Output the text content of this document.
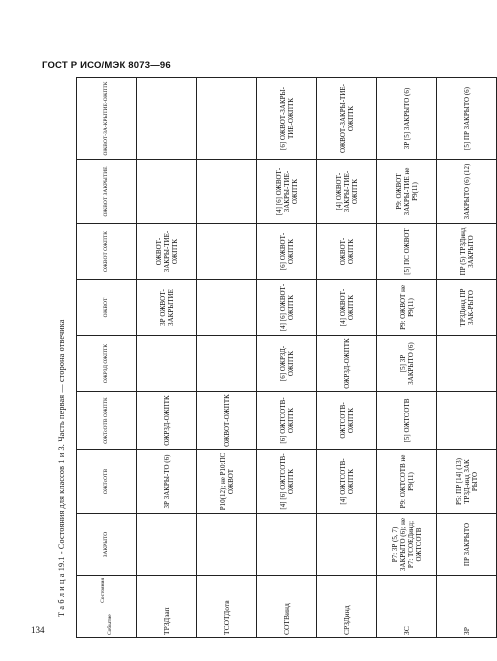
ГОСТ Р ИСО/МЭК 8073—96
Т а б л и ц а 19.1 - Состояния для классов 1 и 3. Часть первая — сторона отвечика	Состояния
Событие	ЗАКРЫТО	ОЖТсОТВ	ОЖТсОТВ ОЖПТК	ОЖРЗД ОЖПТК	ОЖВОТ	ОЖВОТ ОЖПТК	ОЖВОТ ЗАКРЫТИЕ	ОЖВОТ-ЗА-КРЫТИЕ-ОЖПТК
ТРЗДзап		3Р ЗАКРЫ-ТО (6)	ОЖРЗД-ОЖПТК		3Р ОЖВОТ-ЗАКРЫТИЕ	ОЖВОТ-ЗАКРЫ-ТИЕ-ОЖПТК		
ТСОТДотв		Р10(12); не Р10:ПС ОЖВОТ	ОЖВОТ-ОЖПТК					
СОТВинд		[4] [6] ОЖТСОТВ-ОЖПТК	[6] ОЖТСОТВ-ОЖПТК	[6] ОЖРЗД-ОЖПТК	[4] [6] ОЖВОТ-ОЖПТК	[6] ОЖВОТ-ОЖПТК	[4] [6] ОЖВОТ-ЗАКРЫ-ТИЕ-ОЖПТК	[6] ОЖВОТ-ЗАКРЫ-ТИЕ-ОЖПТК
СРЗДинд		[4] ОЖТСОТВ-ОЖПТК	ОЖТСОТВ-ОЖПТК	ОЖРЗД-ОЖПТК	[4] ОЖВОТ-ОЖПТК	ОЖВОТ-ОЖПТК	[4] ОЖВОТ-ЗАКРЫ-ТИЕ-ОЖПТК	ОЖВОТ-ЗАКРЫ-ТИЕ-ОЖПТК
ЗС	Р7: 3Р (5, 7) ЗАКРЫТО (6); не Р7: ТСОЕДинд; ОЖТСОТВ	Р9: ОЖТСОТВ не Р9(11)	[5] ОЖТСОТВ	[5] 3Р ЗАКРЫТО (6)	Р9: ОЖВОТ не Р9(11)	[5] ПС ОЖВОТ	Р9: ОЖВОТ ЗАКРЫ-ТИЕ не Р9(11)	3Р [5] ЗАКРЫТО (6)
ЗР	ПР ЗАКРЫТО	Р5: ПР [14] (13) ТРЗД-инд ЗАК РЫТО			ТРЗДинд ПР ЗАК-РЫТО	ПР (5) ТРЗДинд ЗАКРЫТО	ЗАКРЫТО (6) (12)	[5] ПР ЗАКРЫТО (6)
134
